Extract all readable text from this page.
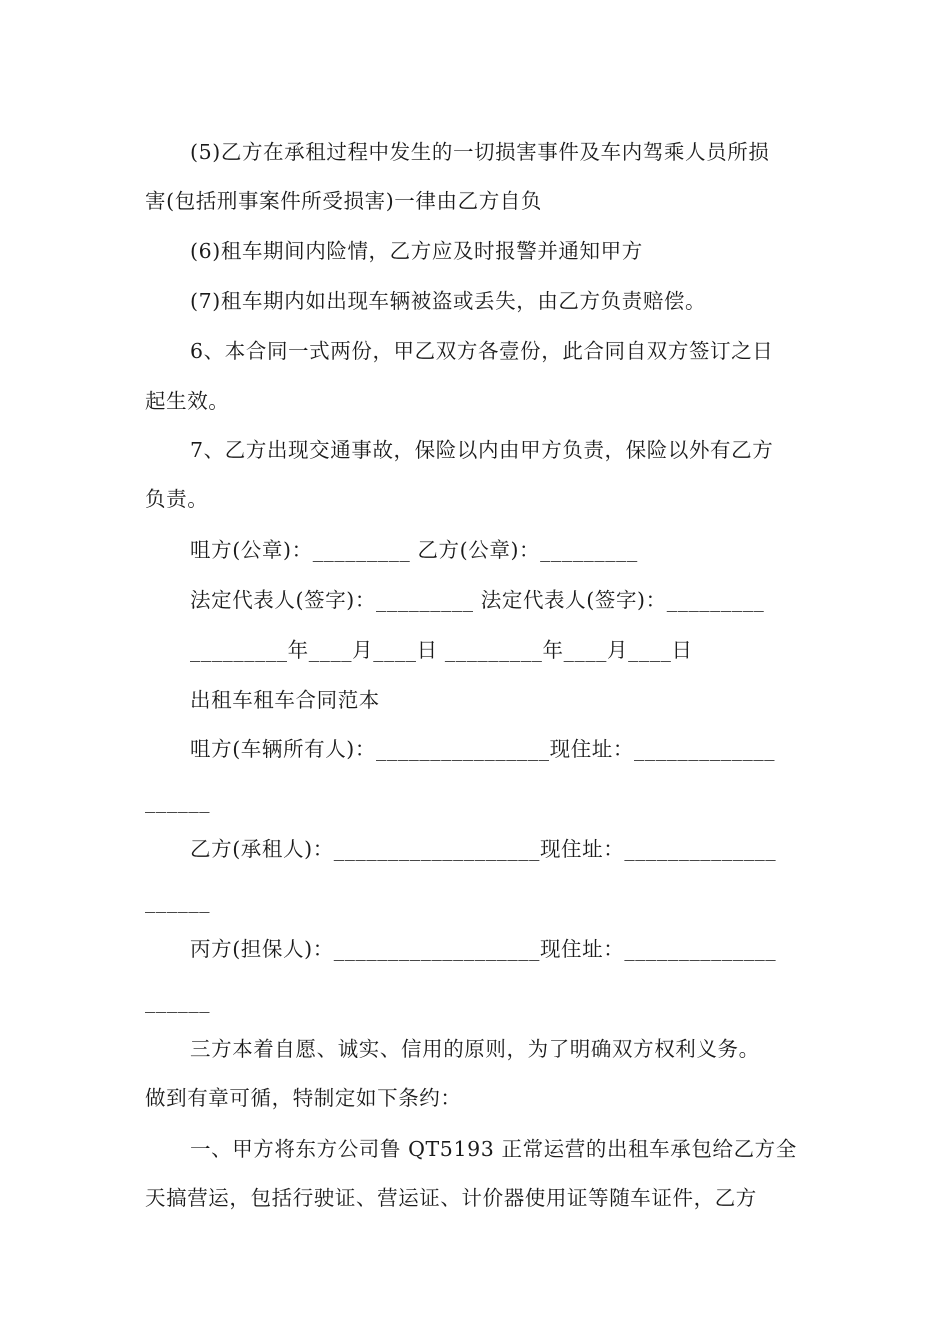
(5)乙方在承租过程中发生的一切损害事件及车内驾乘人员所损
害(包括刑事案件所受损害)一律由乙方自负
(6)租车期间内险情，乙方应及时报警并通知甲方
(7)租车期内如出现车辆被盗或丢失，由乙方负责赔偿。
6、本合同一式两份，甲乙双方各壹份，此合同自双方签订之日
起生效。
7、乙方出现交通事故，保险以内由甲方负责，保险以外有乙方
负责。
咀方(公章)：_________ 乙方(公章)：_________
法定代表人(签字)：_________ 法定代表人(签字)：_________
_________年____月____日 _________年____月____日
出租车租车合同范本
咀方(车辆所有人)：________________现住址：_____________
______
乙方(承租人)：___________________现住址：______________
______
丙方(担保人)：___________________现住址：______________
______
三方本着自愿、诚实、信用的原则，为了明确双方权利义务。
做到有章可循，特制定如下条约：
一、甲方将东方公司鲁 QT5193 正常运营的出租车承包给乙方全
天搞营运，包括行驶证、营运证、计价器使用证等随车证件，乙方
